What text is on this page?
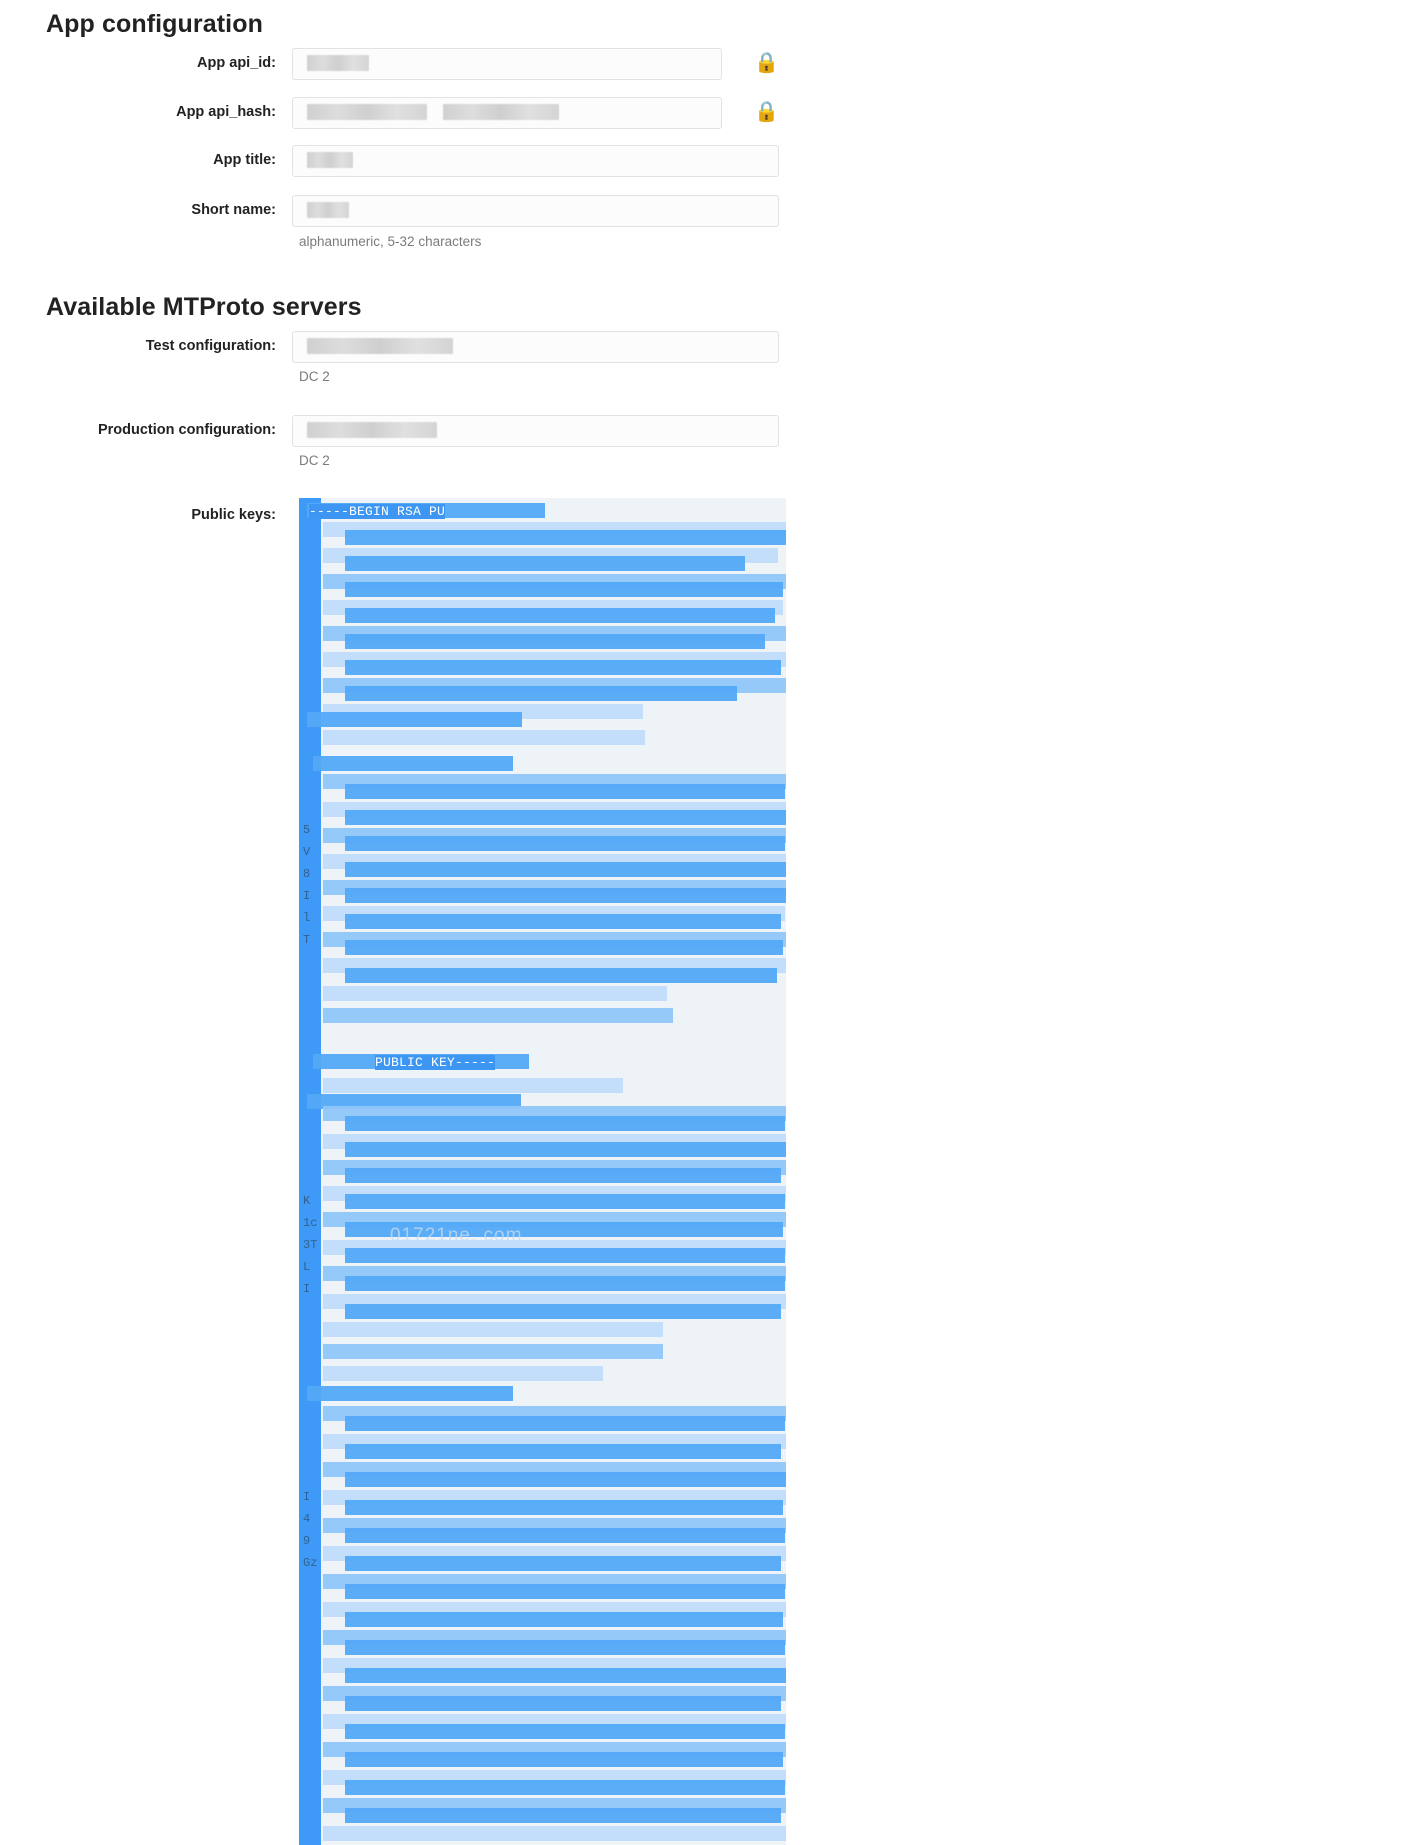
App configuration
App api_id:	🔒
App api_hash:	🔒
App title:
Short name:
alphanumeric, 5-32 characters
Available MTProto servers
Test configuration:
DC 2
Production configuration:
DC 2
Public keys:	-----BEGIN RSA PU
PUBLIC KEY-----
5
V
8
I
l
T
K
1c
3T
L
I
I
4
9
Gz
01721ne. com
